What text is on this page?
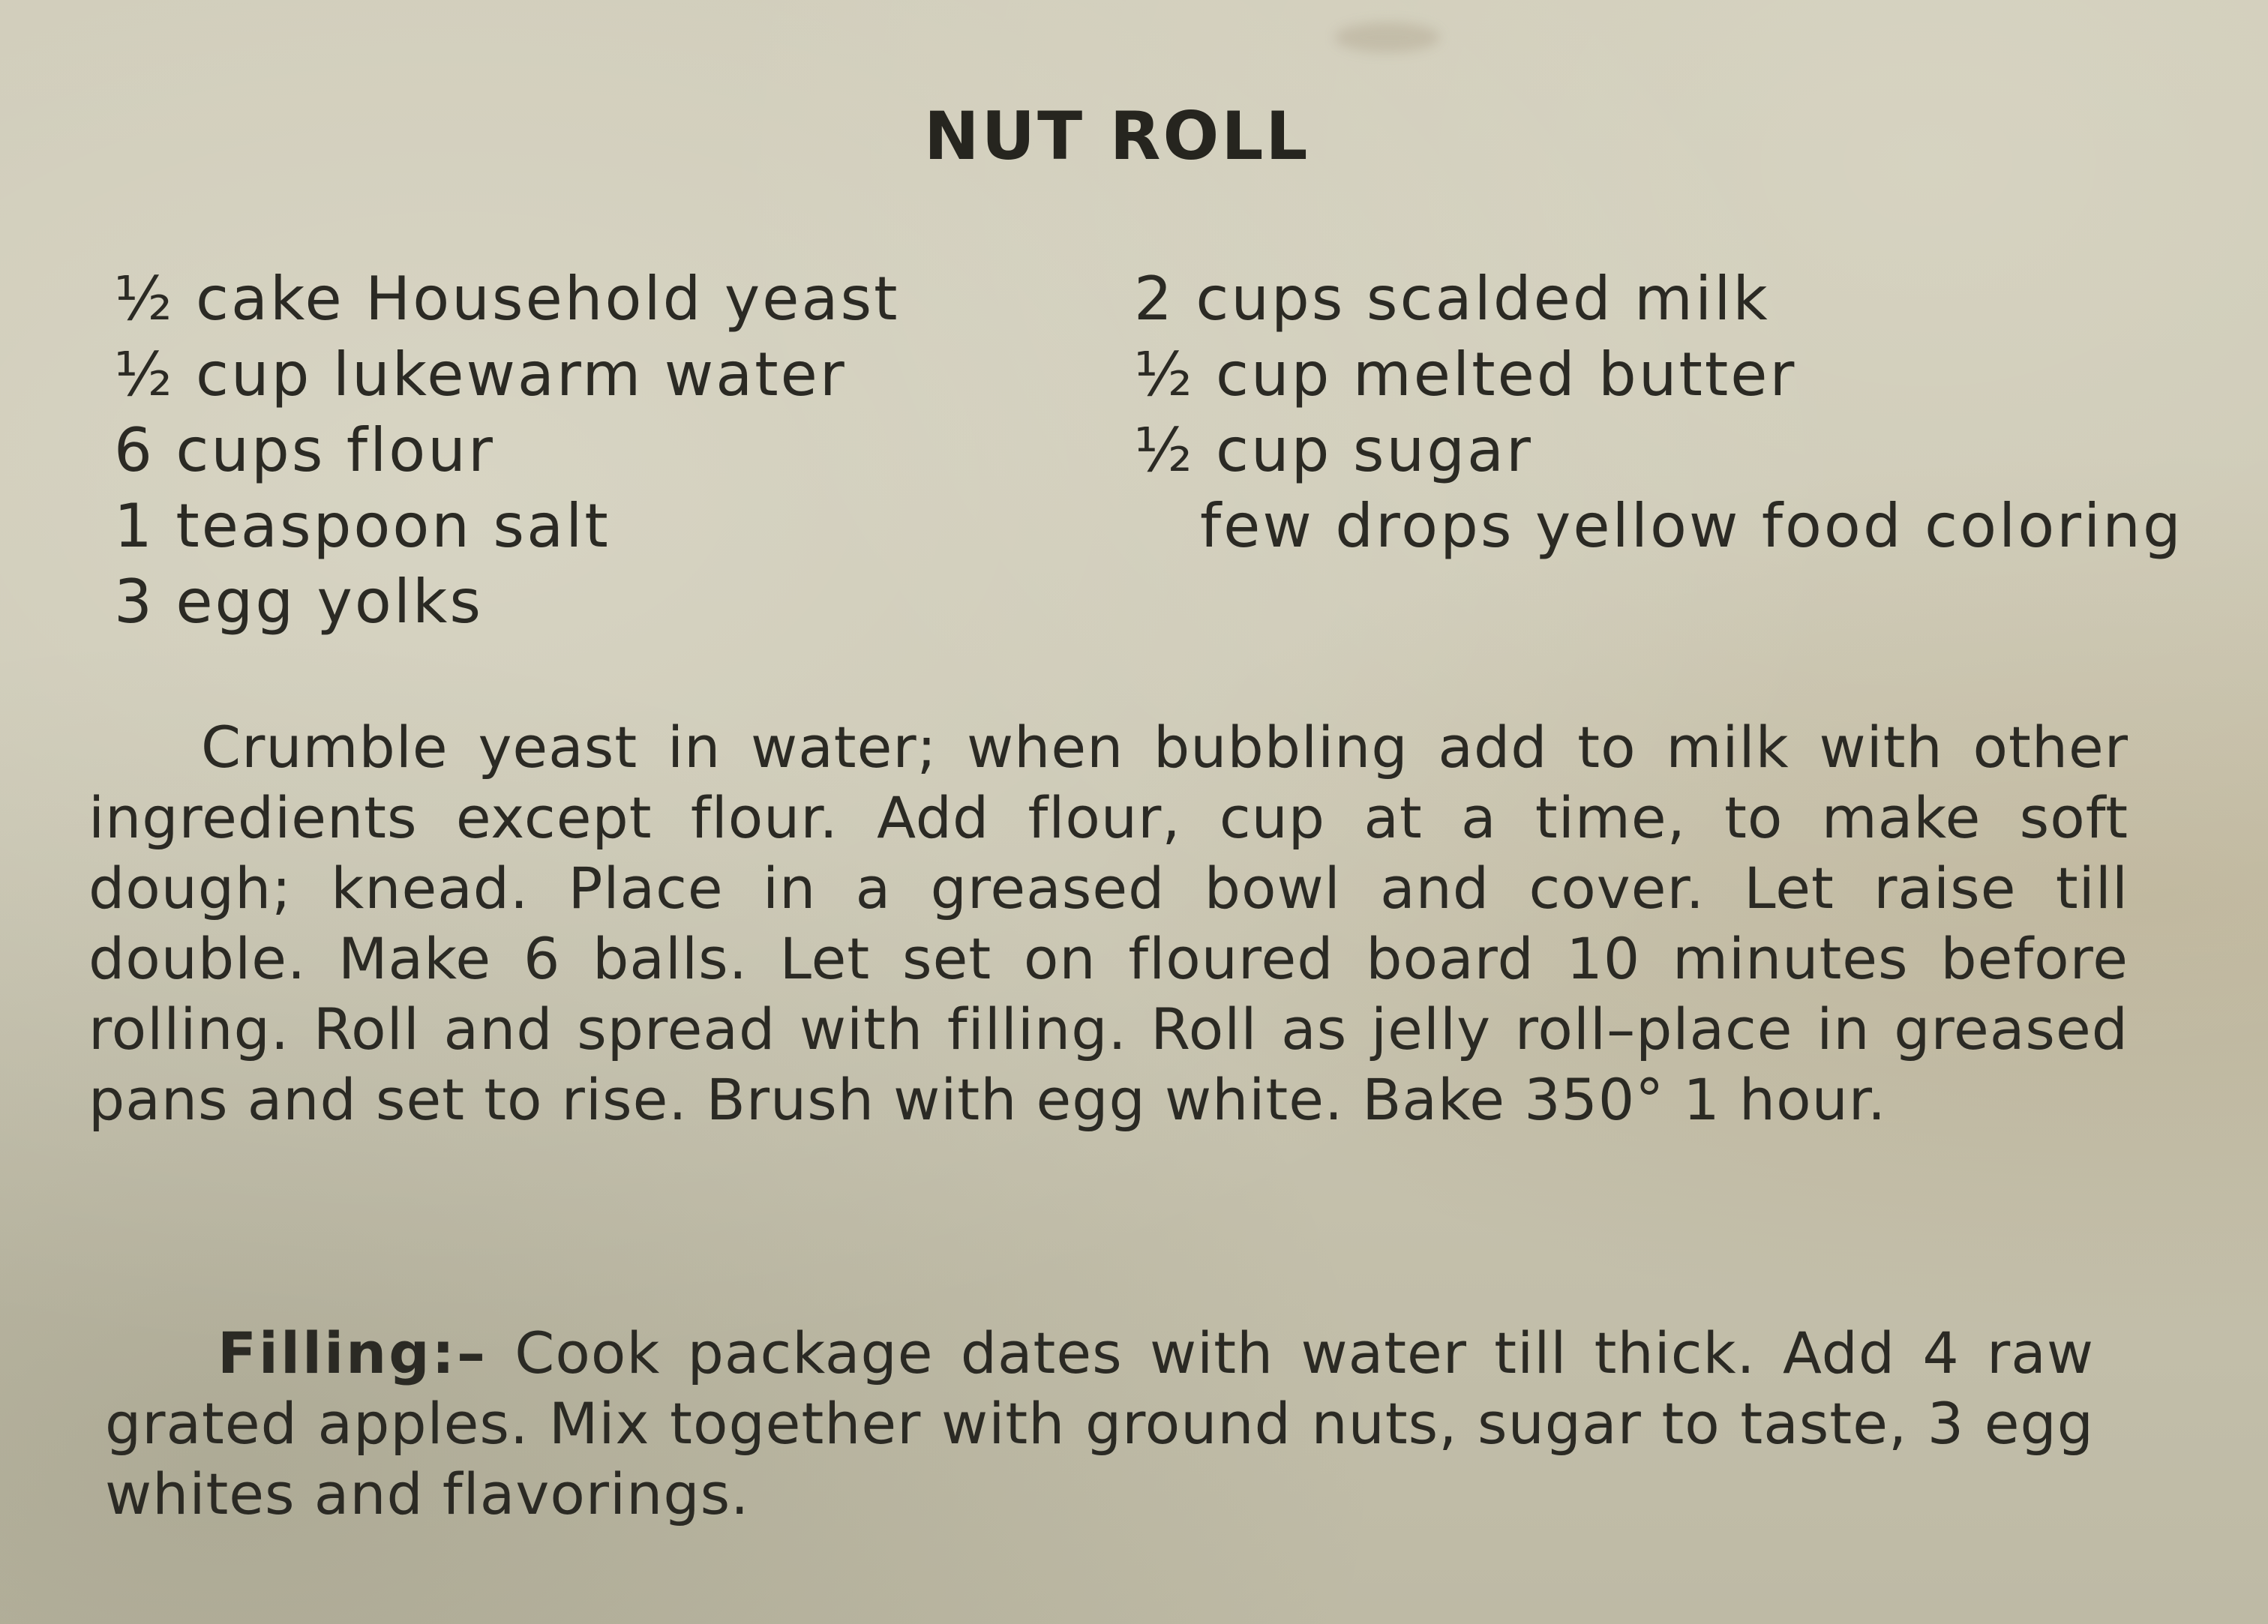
NUT ROLL
½ cake Household yeast
½ cup lukewarm water
6 cups flour
1 teaspoon salt
3 egg yolks
2 cups scalded milk
½ cup melted butter
½ cup sugar
few drops yellow food coloring

Crumble yeast in water; when bubbling add to milk with other ingredients except flour. Add flour, cup at a time, to make soft dough; knead. Place in a greased bowl and cover. Let raise till double. Make 6 balls. Let set on floured board 10 minutes before rolling. Roll and spread with filling. Roll as jelly roll–place in greased pans and set to rise. Brush with egg white. Bake 350° 1 hour.

Filling:– Cook package dates with water till thick. Add 4 raw grated apples. Mix together with ground nuts, sugar to taste, 3 egg whites and flavorings.
